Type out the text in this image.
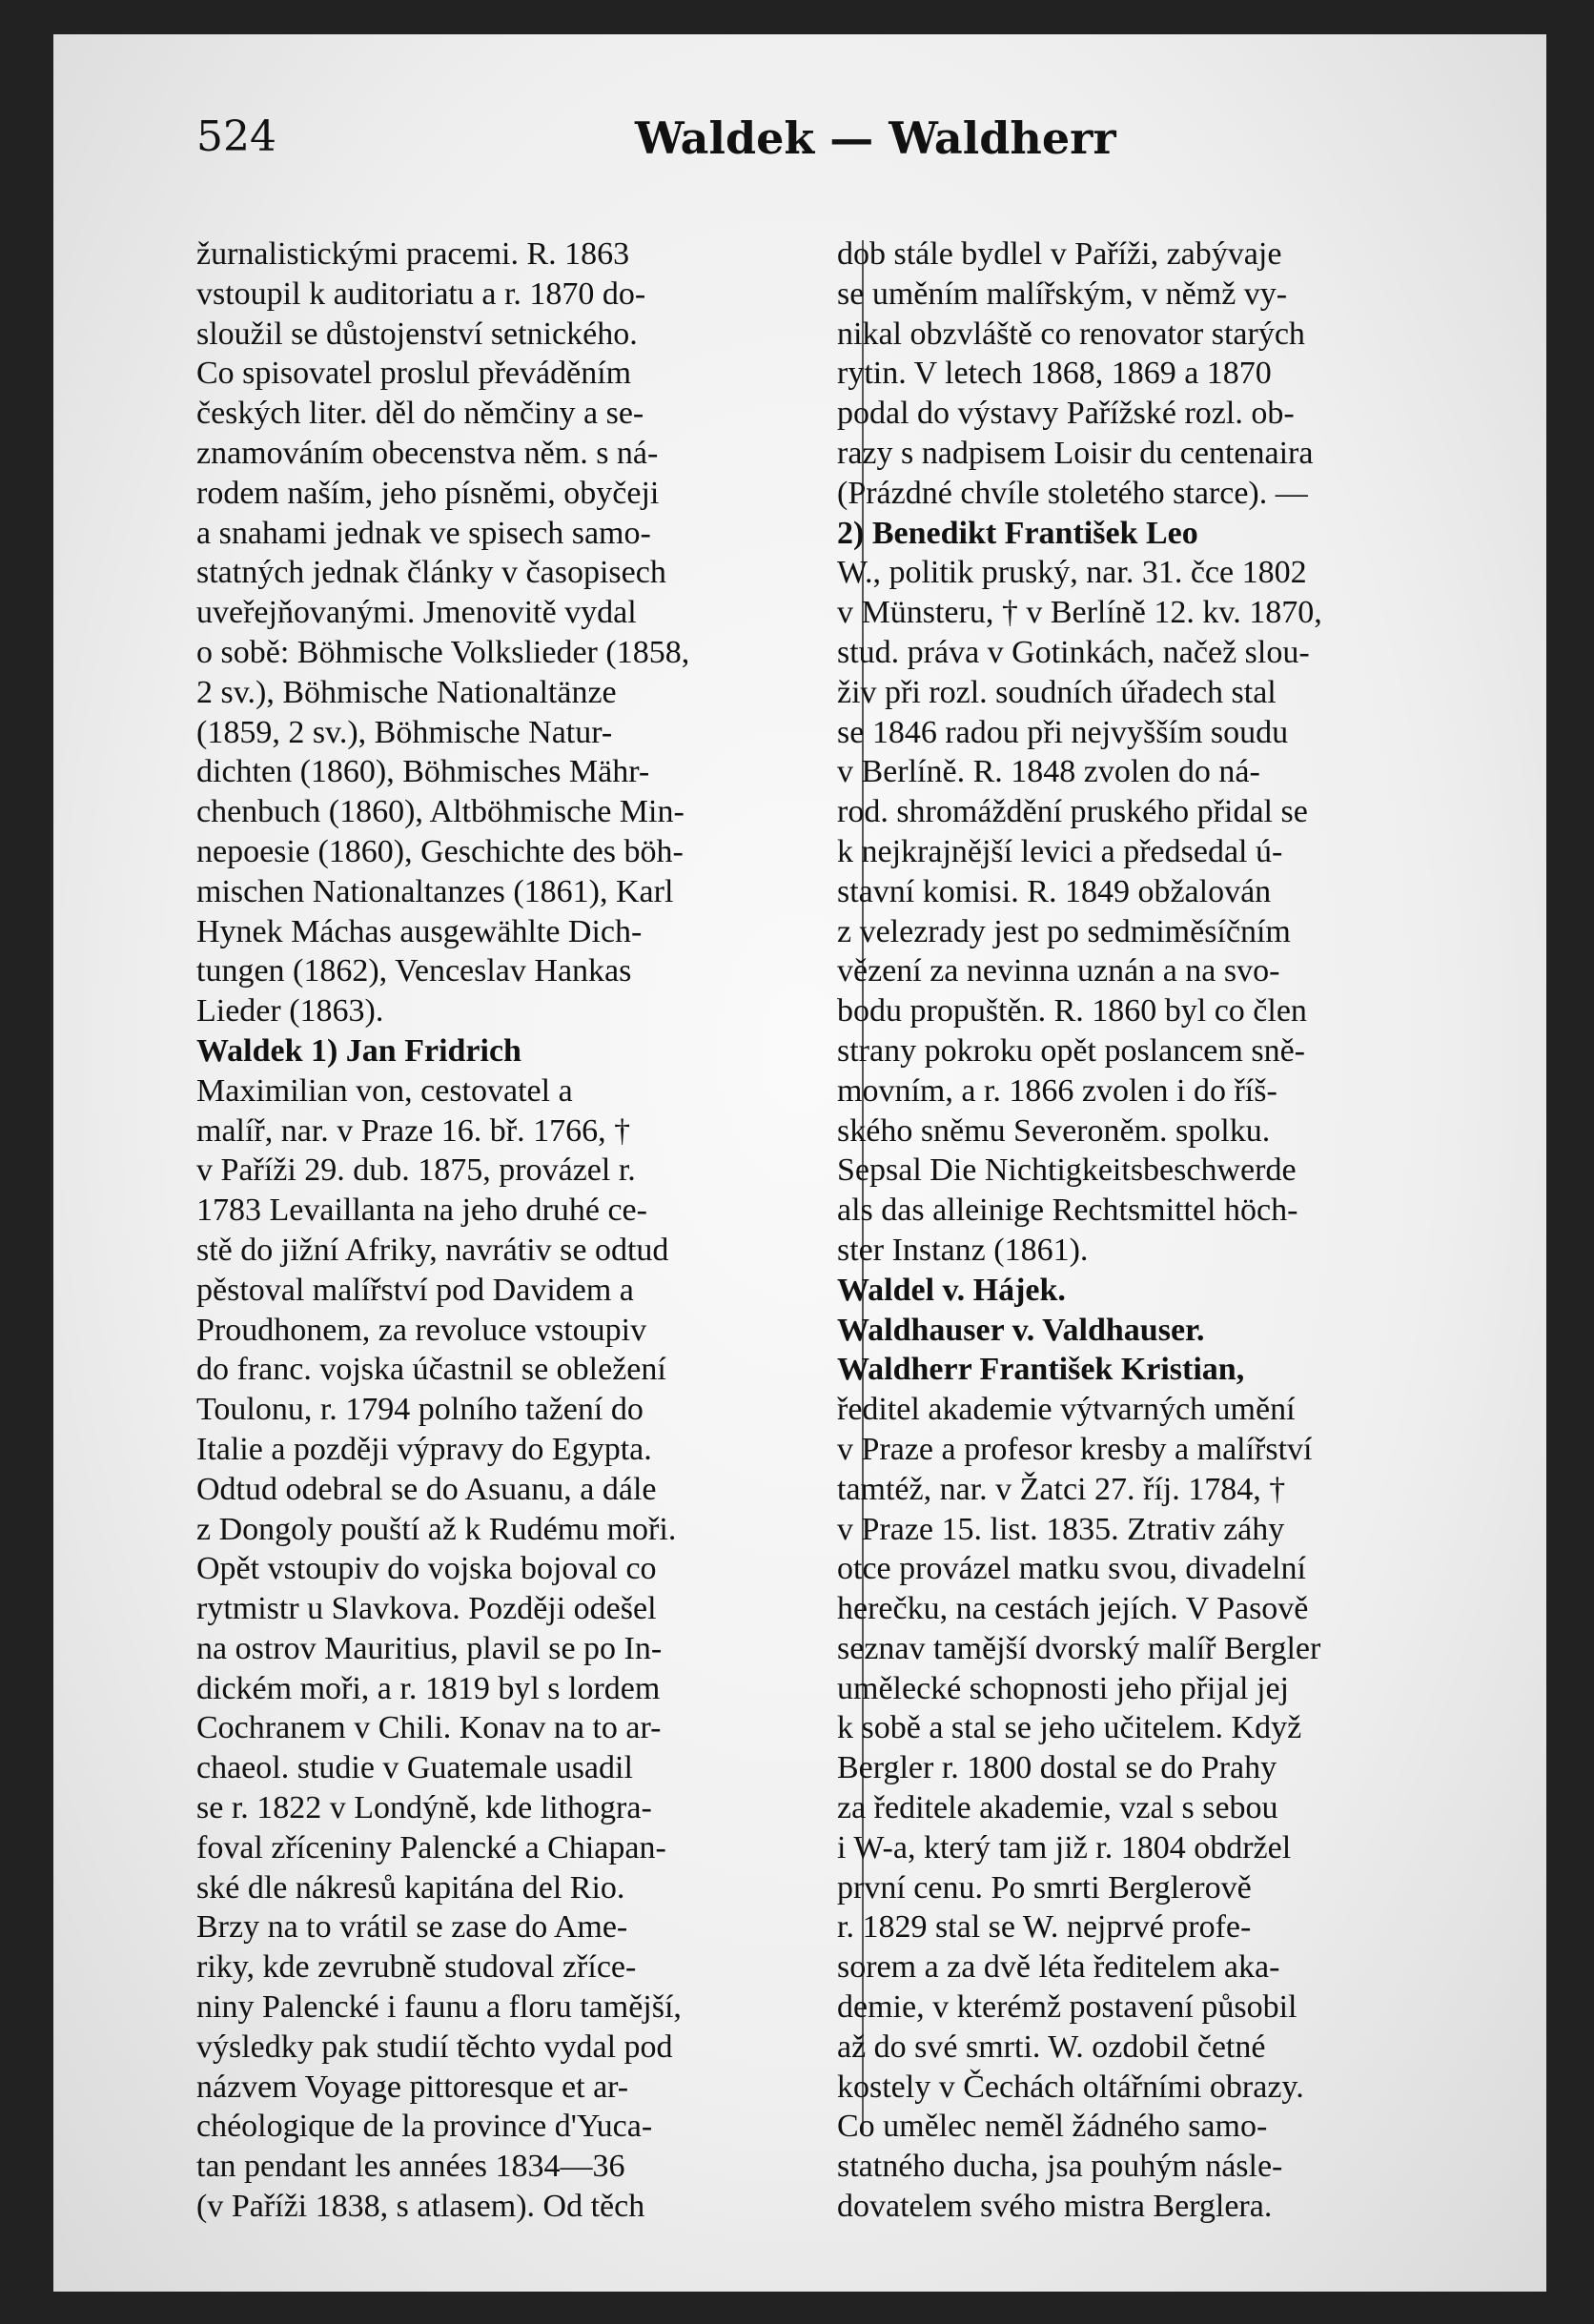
524	Waldek — Waldherr
žurnalistickými pracemi. R. 1863
vstoupil k auditoriatu a r. 1870 do-
sloužil se důstojenství setnického.
Co spisovatel proslul převáděním
českých liter. děl do němčiny a se-
znamováním obecenstva něm. s ná-
rodem naším, jeho písněmi, obyčeji
a snahami jednak ve spisech samo-
statných jednak články v časopisech
uveřejňovanými. Jmenovitě vydal
o sobě: Böhmische Volkslieder (1858,
2 sv.), Böhmische Nationaltänze
(1859, 2 sv.), Böhmische Natur-
dichten (1860), Böhmisches Mähr-
chenbuch (1860), Altböhmische Min-
nepoesie (1860), Geschichte des böh-
mischen Nationaltanzes (1861), Karl
Hynek Máchas ausgewählte Dich-
tungen (1862), Venceslav Hankas
Lieder (1863).
Waldek 1) Jan Fridrich
Maximilian von, cestovatel a
malíř, nar. v Praze 16. bř. 1766, †
v Paříži 29. dub. 1875, provázel r.
1783 Levaillanta na jeho druhé ce-
stě do jižní Afriky, navrátiv se odtud
pěstoval malířství pod Davidem a
Proudhonem, za revoluce vstoupiv
do franc. vojska účastnil se obležení
Toulonu, r. 1794 polního tažení do
Italie a později výpravy do Egypta.
Odtud odebral se do Asuanu, a dále
z Dongoly pouští až k Rudému moři.
Opět vstoupiv do vojska bojoval co
rytmistr u Slavkova. Později odešel
na ostrov Mauritius, plavil se po In-
dickém moři, a r. 1819 byl s lordem
Cochranem v Chili. Konav na to ar-
chaeol. studie v Guatemale usadil
se r. 1822 v Londýně, kde lithogra-
foval zříceniny Palencké a Chiapan-
ské dle nákresů kapitána del Rio.
Brzy na to vrátil se zase do Ame-
riky, kde zevrubně studoval zříce-
niny Palencké i faunu a floru tamější,
výsledky pak studií těchto vydal pod
názvem Voyage pittoresque et ar-
chéologique de la province d'Yuca-
tan pendant les années 1834—36
(v Paříži 1838, s atlasem). Od těch
dob stále bydlel v Paříži, zabývaje
se uměním malířským, v němž vy-
nikal obzvláště co renovator starých
rytin. V letech 1868, 1869 a 1870
podal do výstavy Pařížské rozl. ob-
razy s nadpisem Loisir du centenaira
(Prázdné chvíle stoletého starce). —
2) Benedikt František Leo
W., politik pruský, nar. 31. čce 1802
v Münsteru, † v Berlíně 12. kv. 1870,
stud. práva v Gotinkách, načež slou-
živ při rozl. soudních úřadech stal
se 1846 radou při nejvyšším soudu
v Berlíně. R. 1848 zvolen do ná-
rod. shromáždění pruského přidal se
k nejkrajnější levici a předsedal ú-
stavní komisi. R. 1849 obžalován
z velezrady jest po sedmiměsíčním
vězení za nevinna uznán a na svo-
bodu propuštěn. R. 1860 byl co člen
strany pokroku opět poslancem sně-
movním, a r. 1866 zvolen i do říš-
ského sněmu Severoněm. spolku.
Sepsal Die Nichtigkeitsbeschwerde
als das alleinige Rechtsmittel höch-
ster Instanz (1861).
Waldel v. Hájek.
Waldhauser v. Valdhauser.
Waldherr František Kristian,
ředitel akademie výtvarných umění
v Praze a profesor kresby a malířství
tamtéž, nar. v Žatci 27. říj. 1784, †
v Praze 15. list. 1835. Ztrativ záhy
otce provázel matku svou, divadelní
herečku, na cestách jejích. V Pasově
seznav tamější dvorský malíř Bergler
umělecké schopnosti jeho přijal jej
k sobě a stal se jeho učitelem. Když
Bergler r. 1800 dostal se do Prahy
za ředitele akademie, vzal s sebou
i W-a, který tam již r. 1804 obdržel
první cenu. Po smrti Berglerově
r. 1829 stal se W. nejprvé profe-
sorem a za dvě léta ředitelem aka-
demie, v kterémž postavení působil
až do své smrti. W. ozdobil četné
kostely v Čechách oltářními obrazy.
Co umělec neměl žádného samo-
statného ducha, jsa pouhým násle-
dovatelem svého mistra Berglera.
